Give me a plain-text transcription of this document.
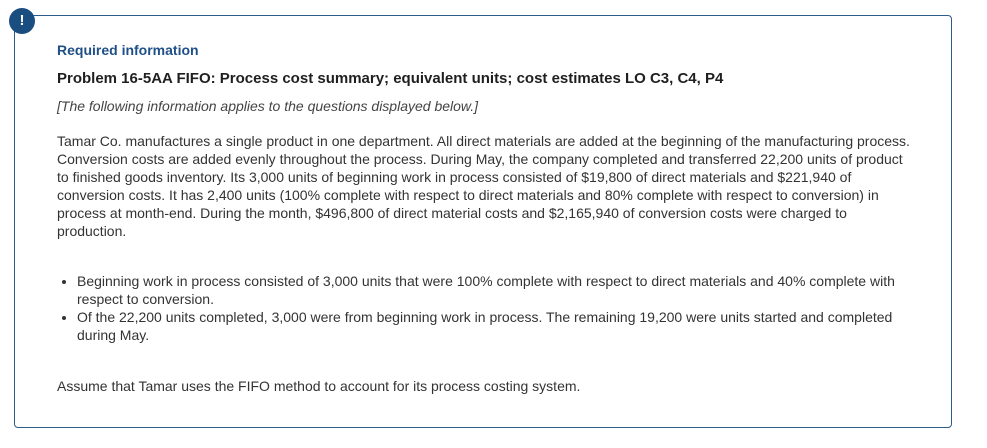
!

Required information

Problem 16-5AA FIFO: Process cost summary; equivalent units; cost estimates LO C3, C4, P4

[The following information applies to the questions displayed below.]

Tamar Co. manufactures a single product in one department. All direct materials are added at the beginning of the manufacturing process. Conversion costs are added evenly throughout the process. During May, the company completed and transferred 22,200 units of product to finished goods inventory. Its 3,000 units of beginning work in process consisted of $19,800 of direct materials and $221,940 of conversion costs. It has 2,400 units (100% complete with respect to direct materials and 80% complete with respect to conversion) in process at month-end. During the month, $496,800 of direct material costs and $2,165,940 of conversion costs were charged to production.

• Beginning work in process consisted of 3,000 units that were 100% complete with respect to direct materials and 40% complete with respect to conversion.
• Of the 22,200 units completed, 3,000 were from beginning work in process. The remaining 19,200 were units started and completed during May.

Assume that Tamar uses the FIFO method to account for its process costing system.
